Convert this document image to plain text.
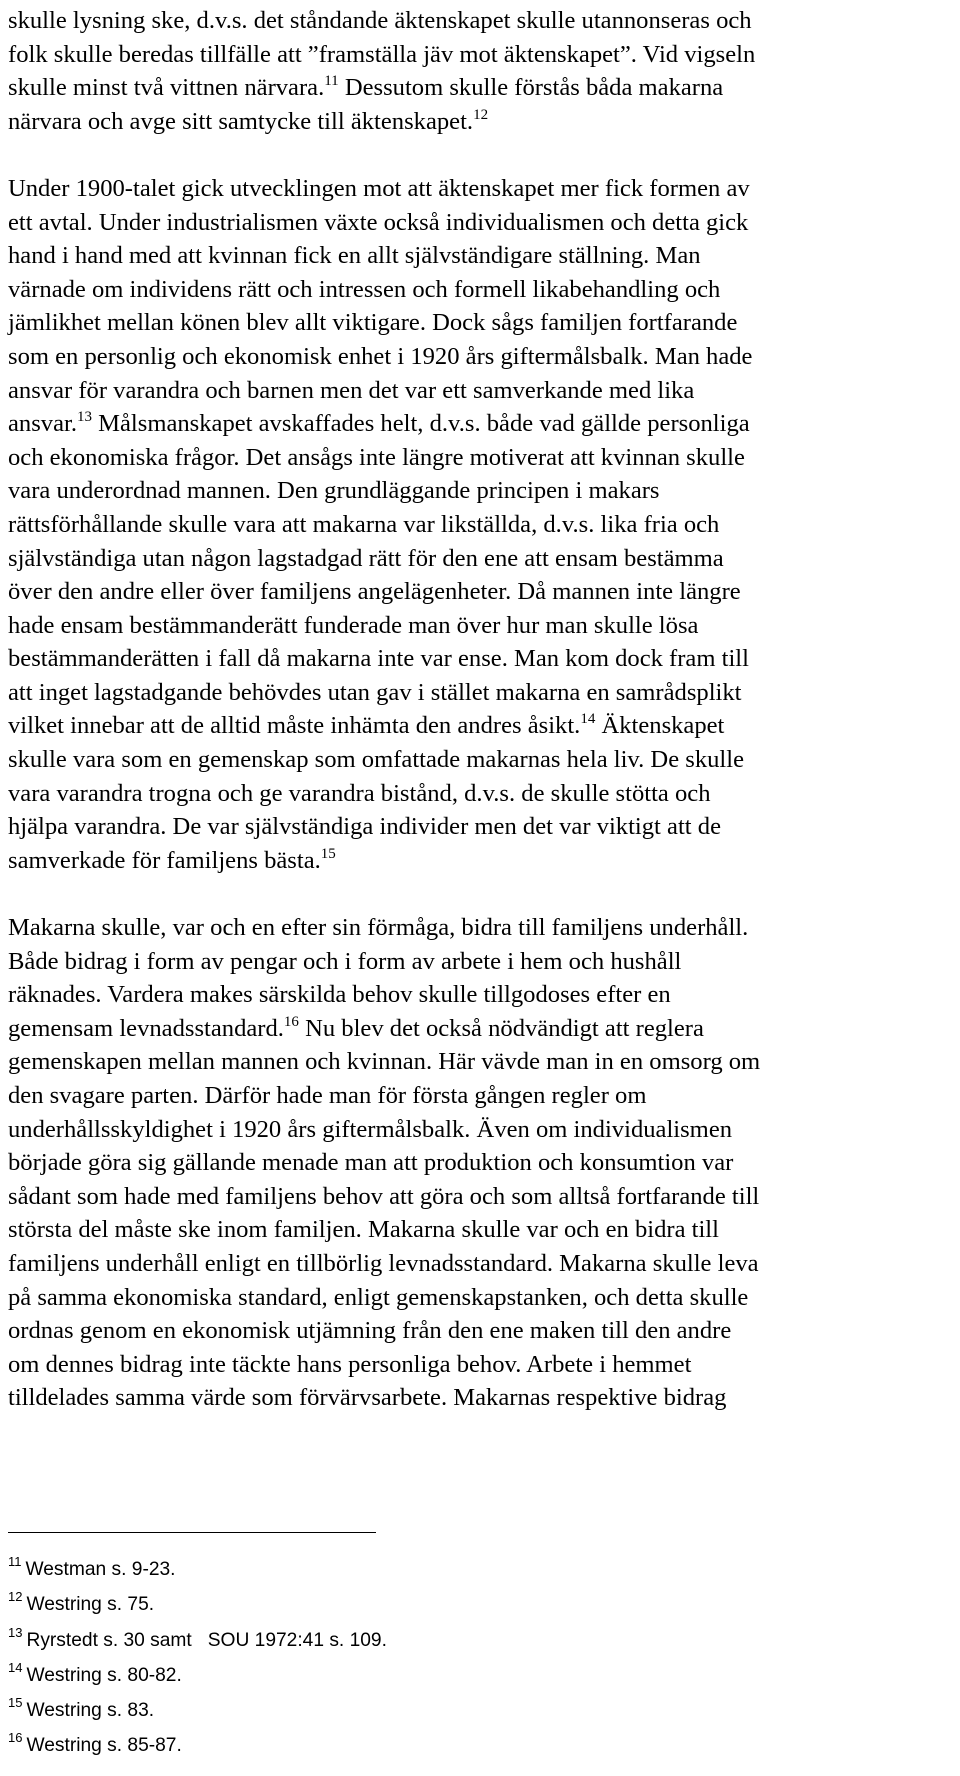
skulle lysning ske, d.v.s. det ståndande äktenskapet skulle utannonseras och
folk skulle beredas tillfälle att ”framställa jäv mot äktenskapet”. Vid vigseln
skulle minst två vittnen närvara.$^{11}$ Dessutom skulle förstås båda makarna
närvara och avge sitt samtycke till äktenskapet.$^{12}$

Under 1900-talet gick utvecklingen mot att äktenskapet mer fick formen av
ett avtal. Under industrialismen växte också individualismen och detta gick
hand i hand med att kvinnan fick en allt självständigare ställning. Man
värnade om individens rätt och intressen och formell likabehandling och
jämlikhet mellan könen blev allt viktigare. Dock sågs familjen fortfarande
som en personlig och ekonomisk enhet i 1920 års giftermålsbalk. Man hade
ansvar för varandra och barnen men det var ett samverkande med lika
ansvar.$^{13}$ Målsmanskapet avskaffades helt, d.v.s. både vad gällde personliga
och ekonomiska frågor. Det ansågs inte längre motiverat att kvinnan skulle
vara underordnad mannen. Den grundläggande principen i makars
rättsförhållande skulle vara att makarna var likställda, d.v.s. lika fria och
självständiga utan någon lagstadgad rätt för den ene att ensam bestämma
över den andre eller över familjens angelägenheter. Då mannen inte längre
hade ensam bestämmanderätt funderade man över hur man skulle lösa
bestämmanderätten i fall då makarna inte var ense. Man kom dock fram till
att inget lagstadgande behövdes utan gav i stället makarna en samrådsplikt
vilket innebar att de alltid måste inhämta den andres åsikt.$^{14}$ Äktenskapet
skulle vara som en gemenskap som omfattade makarnas hela liv. De skulle
vara varandra trogna och ge varandra bistånd, d.v.s. de skulle stötta och
hjälpa varandra. De var självständiga individer men det var viktigt att de
samverkade för familjens bästa.$^{15}$

Makarna skulle, var och en efter sin förmåga, bidra till familjens underhåll.
Både bidrag i form av pengar och i form av arbete i hem och hushåll
räknades. Vardera makes särskilda behov skulle tillgodoses efter en
gemensam levnadsstandard.$^{16}$ Nu blev det också nödvändigt att reglera
gemenskapen mellan mannen och kvinnan. Här vävde man in en omsorg om
den svagare parten. Därför hade man för första gången regler om
underhållsskyldighet i 1920 års giftermålsbalk. Även om individualismen
började göra sig gällande menade man att produktion och konsumtion var
sådant som hade med familjens behov att göra och som alltså fortfarande till
största del måste ske inom familjen. Makarna skulle var och en bidra till
familjens underhåll enligt en tillbörlig levnadsstandard. Makarna skulle leva
på samma ekonomiska standard, enligt gemenskapstanken, och detta skulle
ordnas genom en ekonomisk utjämning från den ene maken till den andre
om dennes bidrag inte täckte hans personliga behov. Arbete i hemmet
tilldelades samma värde som förvärvsarbete. Makarnas respektive bidrag

$^{11}$ Westman s. 9-23.
$^{12}$ Westring s. 75.
$^{13}$ Ryrstedt s. 30 samt   SOU 1972:41 s. 109.
$^{14}$ Westring s. 80-82.
$^{15}$ Westring s. 83.
$^{16}$ Westring s. 85-87.
